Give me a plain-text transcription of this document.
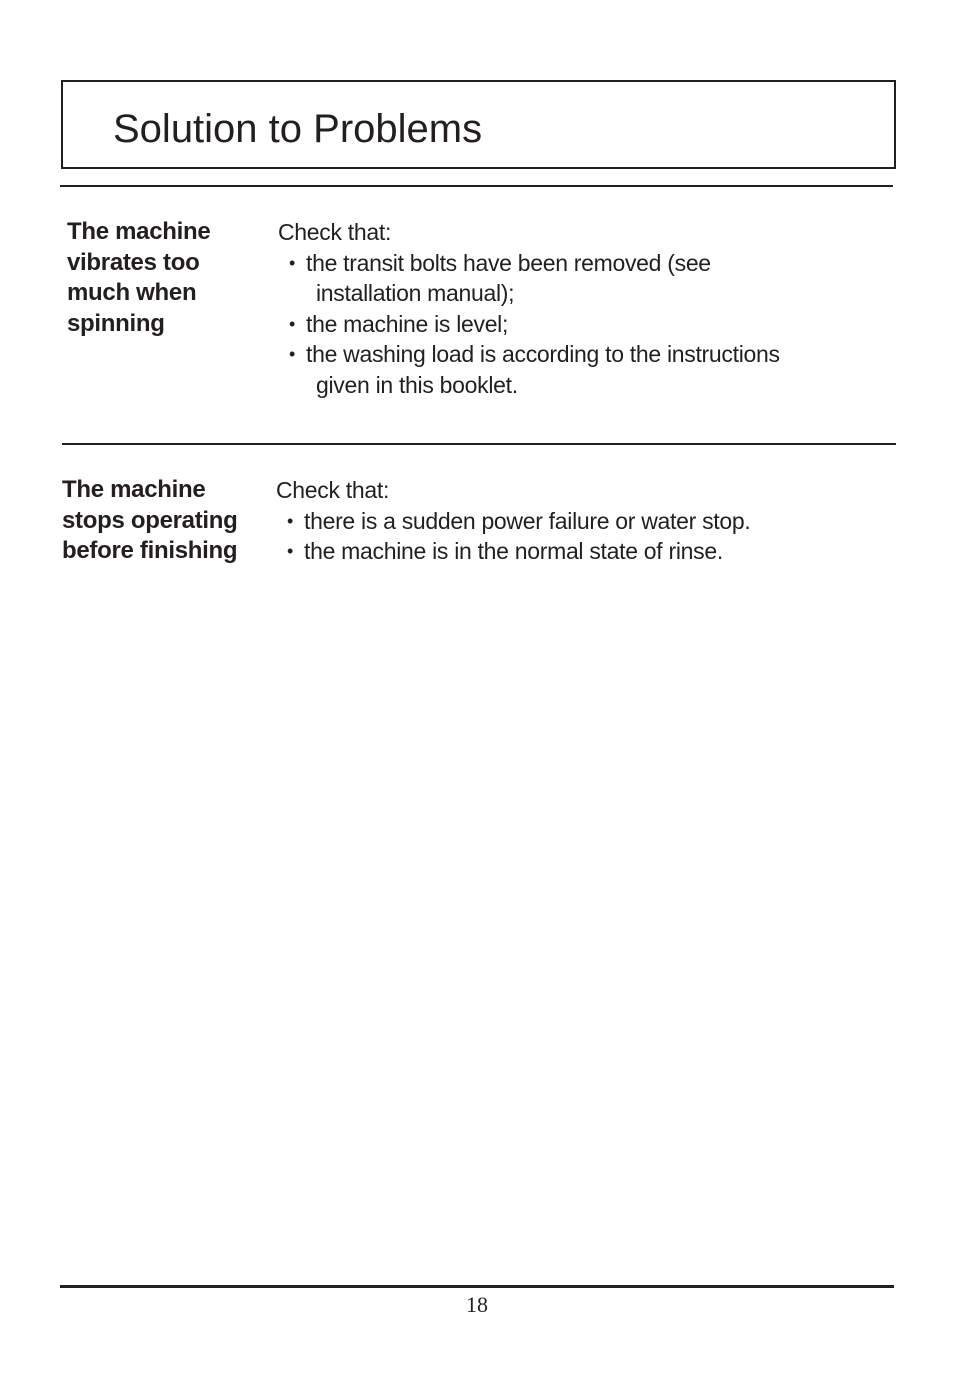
Solution to Problems
The machine
vibrates too
much when
spinning
Check that:
• the transit bolts have been removed (see
installation manual);
• the machine is level;
• the washing load is according to the instructions
given in this booklet.
The machine
stops operating
before finishing
Check that:
• there is a sudden power failure or water stop.
• the machine is in the normal state of rinse.
18
